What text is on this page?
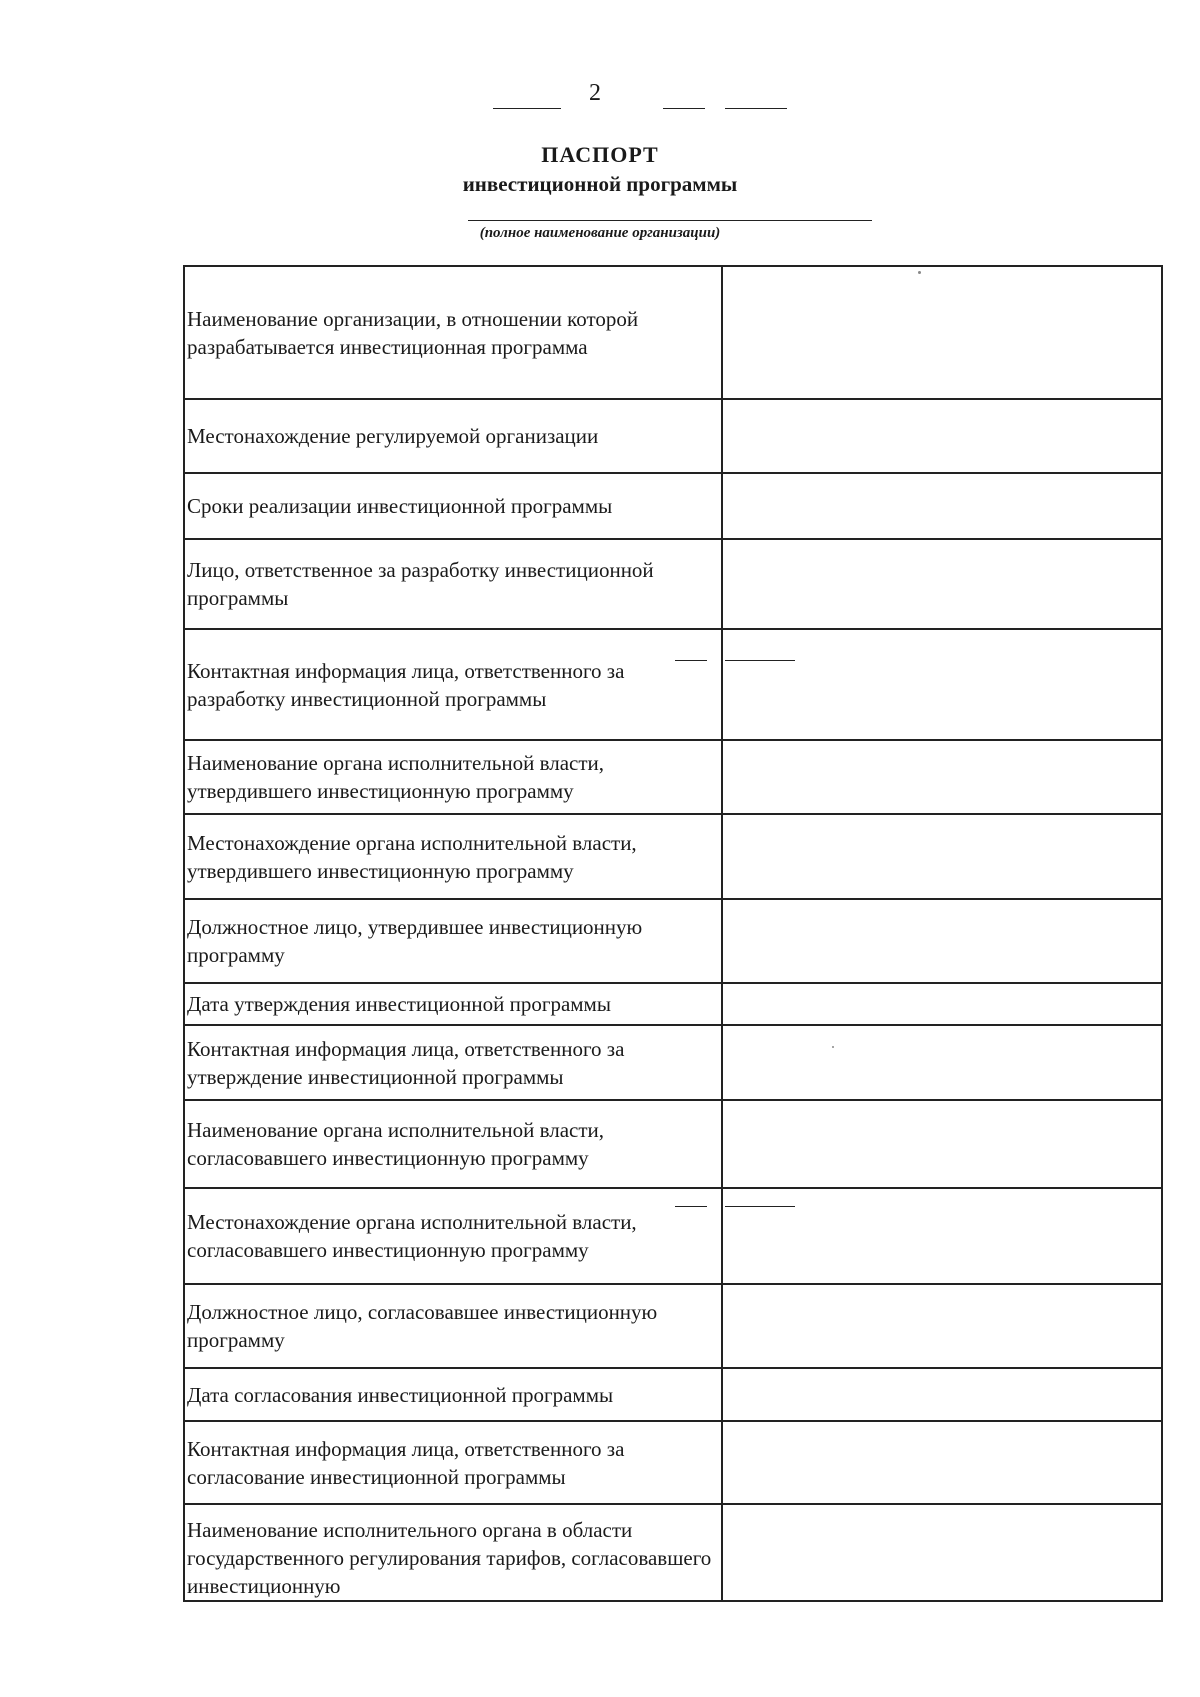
2
ПАСПОРТ
инвестиционной программы
(полное наименование организации)
Наименование организации, в отношении которой разрабатывается инвестиционная программа	
Местонахождение регулируемой организации	
Сроки реализации инвестиционной программы	
Лицо, ответственное за разработку инвестиционной программы	
Контактная информация лица, ответственного за разработку инвестиционной программы	
Наименование органа исполнительной власти, утвердившего инвестиционную программу	
Местонахождение органа исполнительной власти, утвердившего инвестиционную программу	
Должностное лицо, утвердившее инвестиционную программу	
Дата утверждения инвестиционной программы	
Контактная информация лица, ответственного за утверждение инвестиционной программы	
Наименование органа исполнительной власти, согласовавшего инвестиционную программу	
Местонахождение органа исполнительной власти, согласовавшего инвестиционную программу	
Должностное лицо, согласовавшее инвестиционную программу	
Дата согласования инвестиционной программы	
Контактная информация лица, ответственного за согласование инвестиционной программы	
Наименование исполнительного органа в области государственного регулирования тарифов, согласовавшего инвестиционную	
